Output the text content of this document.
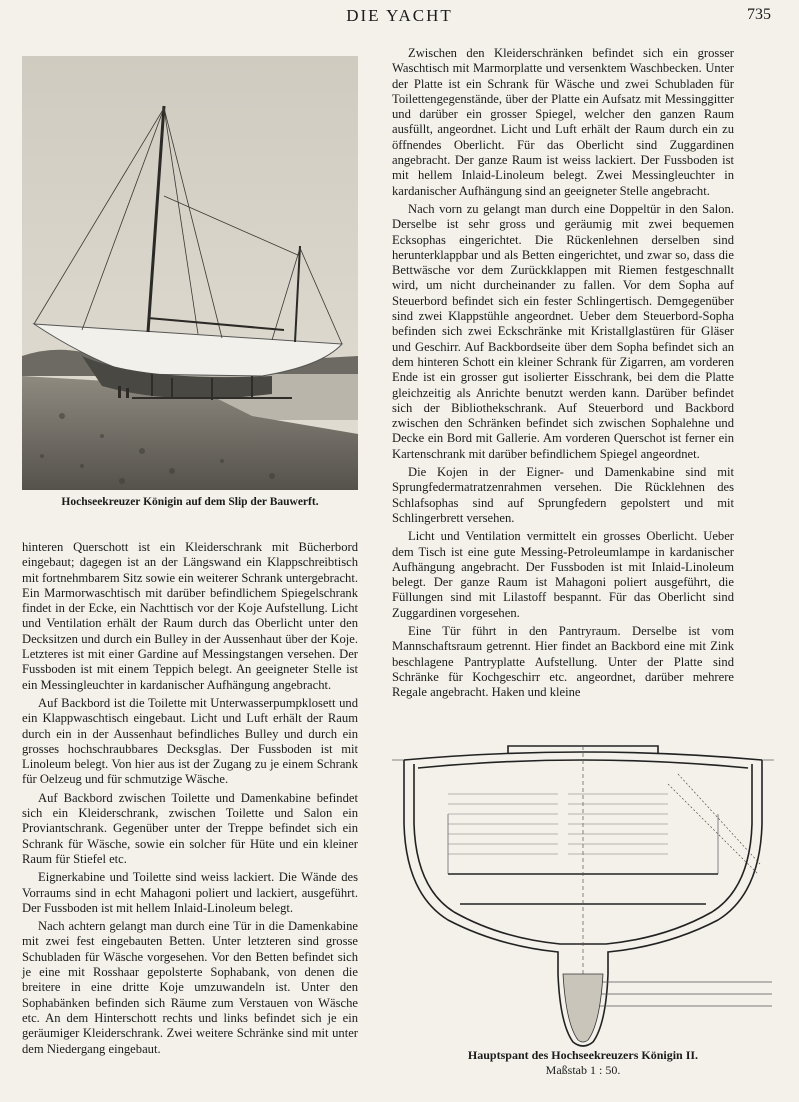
DIE YACHT	735
Hochseekreuzer Königin auf dem Slip der Bauwerft.

hinteren Querschott ist ein Kleiderschrank mit Bücherbord eingebaut; dagegen ist an der Längswand ein Klappschreibtisch mit fortnehmbarem Sitz sowie ein weiterer Schrank untergebracht. Ein Marmorwaschtisch mit darüber befindlichem Spiegelschrank findet in der Ecke, ein Nachttisch vor der Koje Aufstellung. Licht und Ventilation erhält der Raum durch das Oberlicht unter den Decksitzen und durch ein Bulley in der Aussenhaut über der Koje. Letzteres ist mit einer Gardine auf Messingstangen versehen. Der Fussboden ist mit einem Teppich belegt. An geeigneter Stelle ist ein Messingleuchter in kardanischer Aufhängung angebracht.

Auf Backbord ist die Toilette mit Unterwasserpumpklosett und ein Klappwaschtisch eingebaut. Licht und Luft erhält der Raum durch ein in der Aussenhaut befindliches Bulley und durch ein grosses hochschraubbares Decksglas. Der Fussboden ist mit Linoleum belegt. Von hier aus ist der Zugang zu je einem Schrank für Oelzeug und für schmutzige Wäsche.

Auf Backbord zwischen Toilette und Damenkabine befindet sich ein Kleiderschrank, zwischen Toilette und Salon ein Proviantschrank. Gegenüber unter der Treppe befindet sich ein Schrank für Wäsche, sowie ein solcher für Hüte und ein kleiner Raum für Stiefel etc.

Eignerkabine und Toilette sind weiss lackiert. Die Wände des Vorraums sind in echt Mahagoni poliert und lackiert, ausgeführt. Der Fussboden ist mit hellem Inlaid-Linoleum belegt.

Nach achtern gelangt man durch eine Tür in die Damenkabine mit zwei fest eingebauten Betten. Unter letzteren sind grosse Schubladen für Wäsche vorgesehen. Vor den Betten befindet sich je eine mit Rosshaar gepolsterte Sophabank, von denen die breitere in eine dritte Koje umzuwandeln ist. Unter den Sophabänken befinden sich Räume zum Verstauen von Wäsche etc. An dem Hinterschott rechts und links befindet sich je ein geräumiger Kleiderschrank. Zwei weitere Schränke sind mit unter dem Niedergang eingebaut.

Zwischen den Kleiderschränken befindet sich ein grosser Waschtisch mit Marmorplatte und versenktem Waschbecken. Unter der Platte ist ein Schrank für Wäsche und zwei Schubladen für Toilettengegenstände, über der Platte ein Aufsatz mit Messinggitter und darüber ein grosser Spiegel, welcher den ganzen Raum ausfüllt, angeordnet. Licht und Luft erhält der Raum durch ein zu öffnendes Oberlicht. Für das Oberlicht sind Zuggardinen angebracht. Der ganze Raum ist weiss lackiert. Der Fussboden ist mit hellem Inlaid-Linoleum belegt. Zwei Messingleuchter in kardanischer Aufhängung sind an geeigneter Stelle angebracht.

Nach vorn zu gelangt man durch eine Doppeltür in den Salon. Derselbe ist sehr gross und geräumig mit zwei bequemen Ecksophas eingerichtet. Die Rückenlehnen derselben sind herunterklappbar und als Betten eingerichtet, und zwar so, dass die Bettwäsche vor dem Zurückklappen mit Riemen festgeschnallt wird, um nicht durcheinander zu fallen. Vor dem Sopha auf Steuerbord befindet sich ein fester Schlingertisch. Demgegenüber sind zwei Klappstühle angeordnet. Ueber dem Steuerbord-Sopha befinden sich zwei Eckschränke mit Kristallglastüren für Gläser und Geschirr. Auf Backbordseite über dem Sopha befindet sich an dem hinteren Schott ein kleiner Schrank für Zigarren, am vorderen Ende ist ein grosser gut isolierter Eisschrank, bei dem die Platte gleichzeitig als Anrichte benutzt werden kann. Darüber befindet sich der Bibliothekschrank. Auf Steuerbord und Backbord zwischen den Schränken befindet sich zwischen Sophalehne und Decke ein Bord mit Gallerie. Am vorderen Querschot ist ferner ein Kartenschrank mit darüber befindlichem Spiegel angeordnet.

Die Kojen in der Eigner- und Damenkabine sind mit Sprungfedermatratzenrahmen versehen. Die Rücklehnen des Schlafsophas sind auf Sprungfedern gepolstert und mit Schlingerbrett versehen.

Licht und Ventilation vermittelt ein grosses Oberlicht. Ueber dem Tisch ist eine gute Messing-Petroleumlampe in kardanischer Aufhängung angebracht. Der Fussboden ist mit Inlaid-Linoleum belegt. Der ganze Raum ist Mahagoni poliert ausgeführt, die Füllungen sind mit Lilastoff bespannt. Für das Oberlicht sind Zuggardinen vorgesehen.

Eine Tür führt in den Pantryraum. Derselbe ist vom Mannschaftsraum getrennt. Hier findet an Backbord eine mit Zink beschlagene Pantryplatte Aufstellung. Unter der Platte sind Schränke für Kochgeschirr etc. angeordnet, darüber mehrere Regale angebracht. Haken und kleine

Hauptspant des Hochseekreuzers Königin II.
Maßstab 1 : 50.
